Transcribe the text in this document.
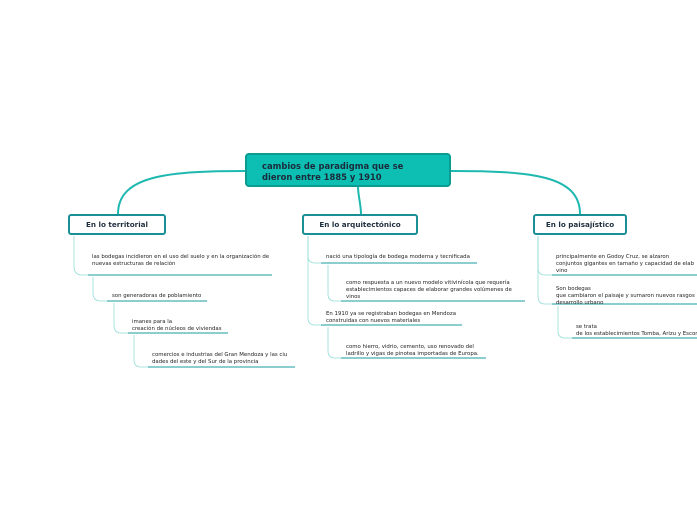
cambios de paradigma que se
dieron entre 1885 y 1910
En lo territorial	En lo arquitectónico	En lo paisajístico
las bodegas incidieron en el uso del suelo y en la organización de
nuevas estructuras de relación
son generadoras de poblamiento
imanes para la
creación de núcleos de viviendas
comercios e industrias del Gran Mendoza y las ciu
dades del este y del Sur de la provincia
nació una tipología de bodega moderna y tecnificada
como respuesta a un nuevo modelo vitivinícola que requería
establecimientos capaces de elaborar grandes volúmenes de
vinos
En 1910 ya se registraban bodegas en Mendoza
construidas con nuevos materiales
como hierro, vidrio, cemento, uso renovado del
ladrillo y vigas de pinotea importadas de Europa.
principalmente en Godoy Cruz, se alzaron
conjuntos gigantes en tamaño y capacidad de elab
vino
Son bodegas
que cambiaron el paisaje y sumaron nuevos rasgos
desarrollo urbano
se trata
de los establecimientos Tomba, Arizu y Escor
